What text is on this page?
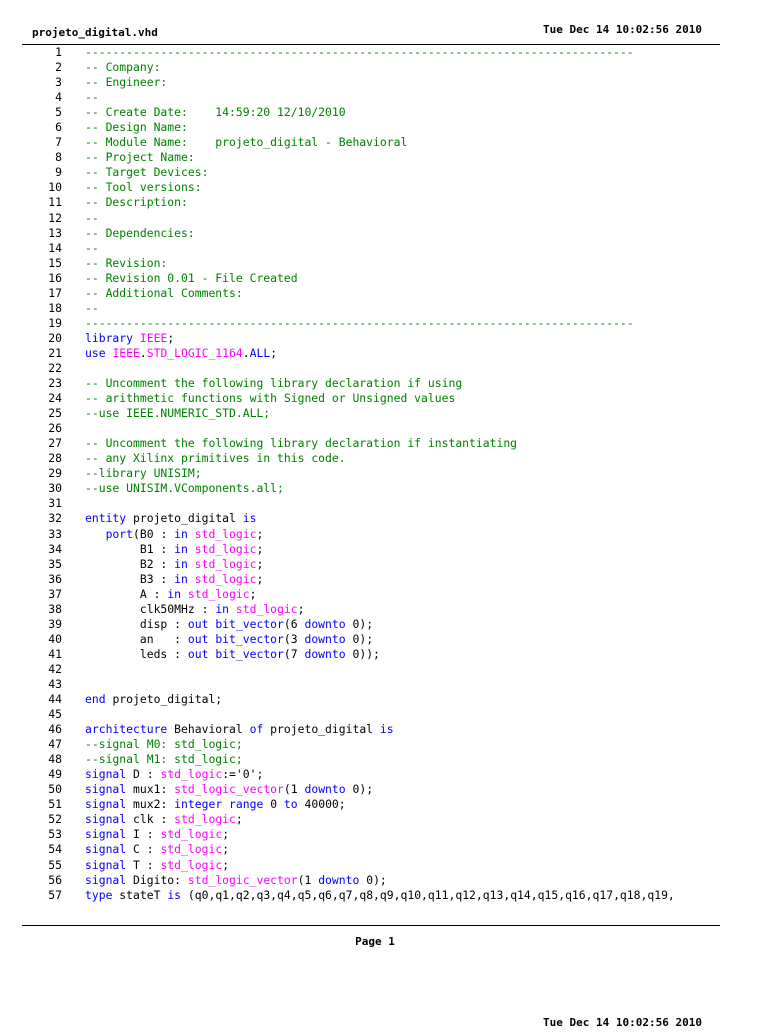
projeto_digital.vhd	Tue Dec 14 10:02:56 2010
1 --------------------------------------------------------------------------------
2 -- Company:
3 -- Engineer:
4 --
5 -- Create Date:    14:59:20 12/10/2010
6 -- Design Name:
7 -- Module Name:    projeto_digital - Behavioral
8 -- Project Name:
9 -- Target Devices:
10 -- Tool versions:
11 -- Description:
12 --
13 -- Dependencies:
14 --
15 -- Revision:
16 -- Revision 0.01 - File Created
17 -- Additional Comments:
18 --
19 --------------------------------------------------------------------------------
20 library IEEE;
21 use IEEE.STD_LOGIC_1164.ALL;
22
23 -- Uncomment the following library declaration if using
24 -- arithmetic functions with Signed or Unsigned values
25 --use IEEE.NUMERIC_STD.ALL;
26
27 -- Uncomment the following library declaration if instantiating
28 -- any Xilinx primitives in this code.
29 --library UNISIM;
30 --use UNISIM.VComponents.all;
31
32 entity projeto_digital is
33	port(B0 : in std_logic;
34 B1 : in std_logic;
35 B2 : in std_logic;
36 B3 : in std_logic;
37 A : in std_logic;
38 clk50MHz : in std_logic;
39 disp : out bit_vector(6 downto 0);
40 an   : out bit_vector(3 downto 0);
41 leds : out bit_vector(7 downto 0));
42
43
44 end projeto_digital;
45
46 architecture Behavioral of projeto_digital is
47 --signal M0: std_logic;
48 --signal M1: std_logic;
49 signal D : std_logic:='0';
50 signal mux1: std_logic_vector(1 downto 0);
51 signal mux2: integer range 0 to 40000;
52 signal clk : std_logic;
53 signal I : std_logic;
54 signal C : std_logic;
55 signal T : std_logic;
56 signal Digito: std_logic_vector(1 downto 0);
57 type stateT is (q0,q1,q2,q3,q4,q5,q6,q7,q8,q9,q10,q11,q12,q13,q14,q15,q16,q17,q18,q19,
Page 1
Tue Dec 14 10:02:56 2010
